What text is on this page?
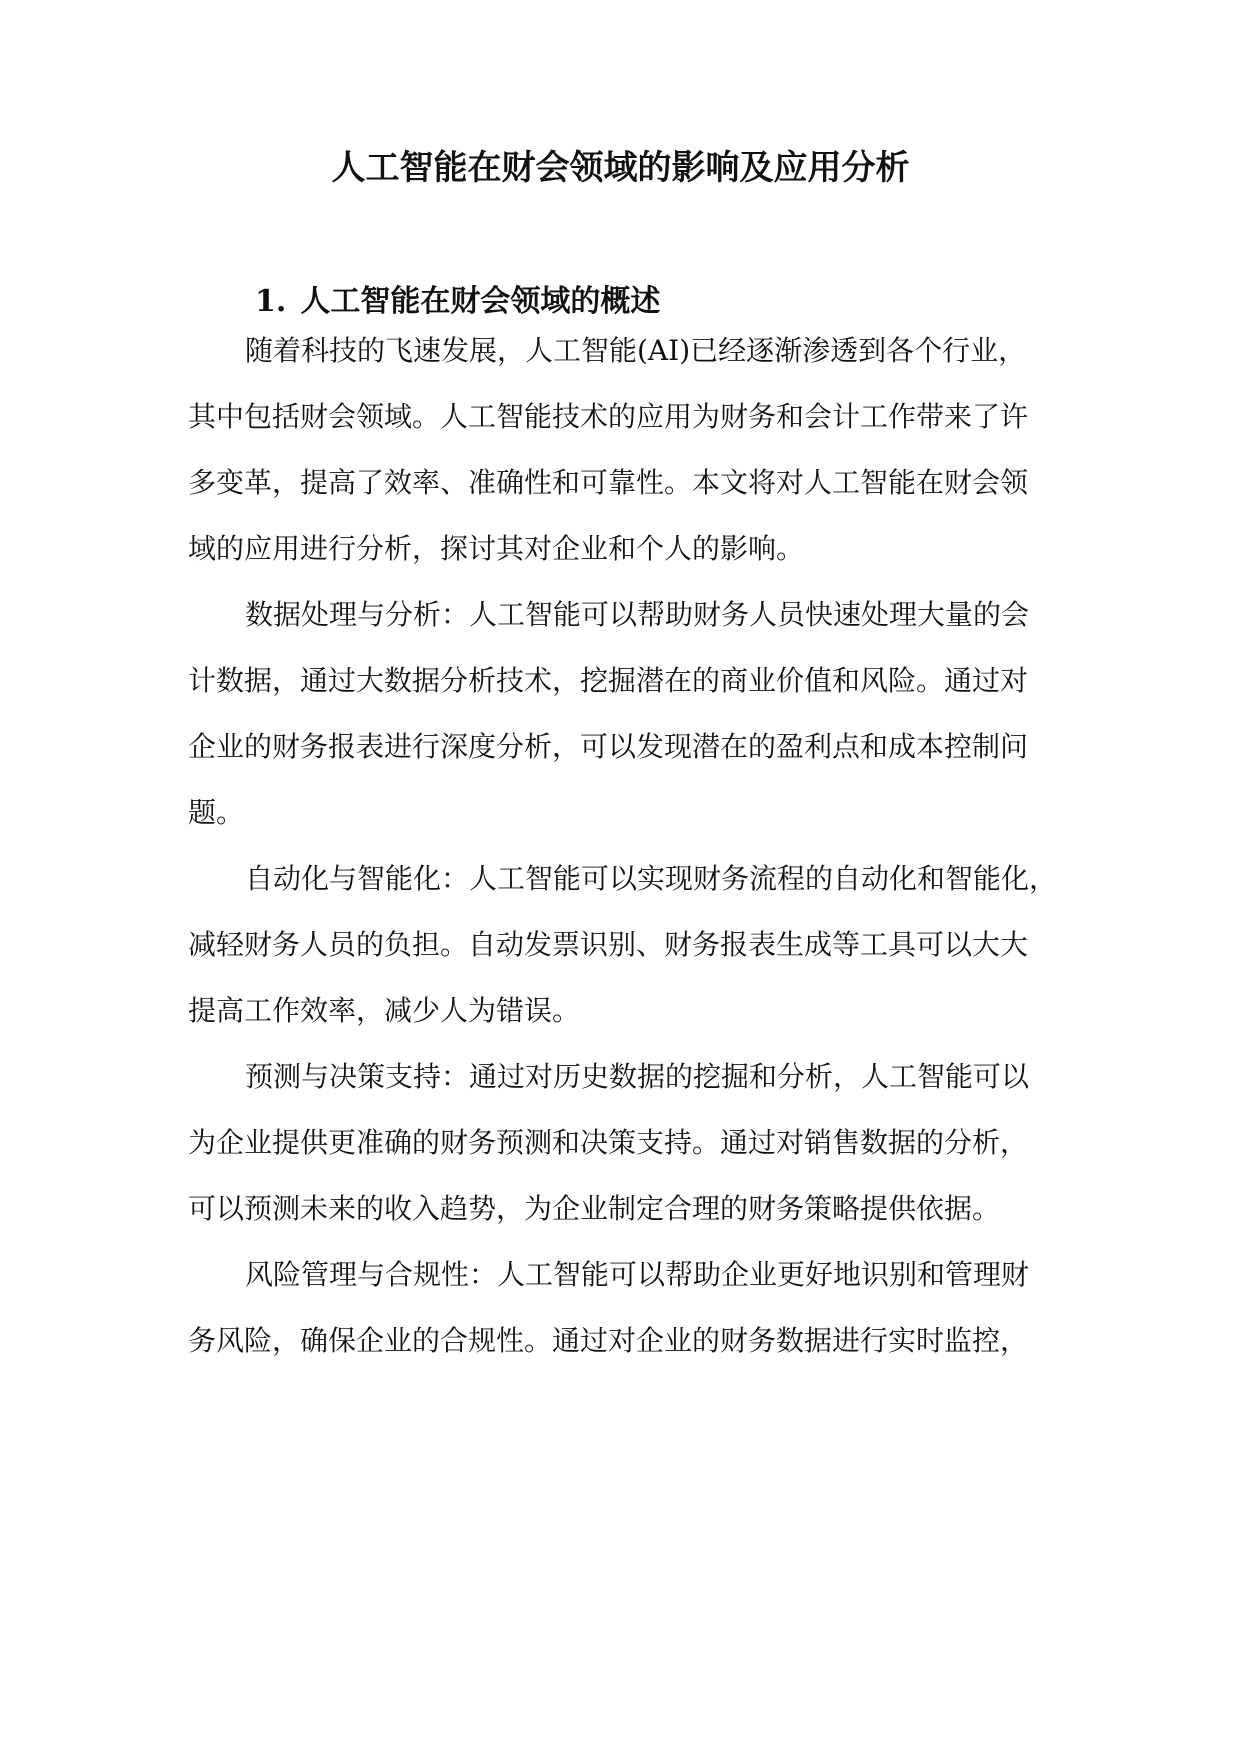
人工智能在财会领域的影响及应用分析
1. 人工智能在财会领域的概述

随着科技的飞速发展，人工智能(AI)已经逐渐渗透到各个行业，

其中包括财会领域。人工智能技术的应用为财务和会计工作带来了许

多变革，提高了效率、准确性和可靠性。本文将对人工智能在财会领

域的应用进行分析，探讨其对企业和个人的影响。

数据处理与分析：人工智能可以帮助财务人员快速处理大量的会

计数据，通过大数据分析技术，挖掘潜在的商业价值和风险。通过对

企业的财务报表进行深度分析，可以发现潜在的盈利点和成本控制问

题。

自动化与智能化：人工智能可以实现财务流程的自动化和智能化，

减轻财务人员的负担。自动发票识别、财务报表生成等工具可以大大

提高工作效率，减少人为错误。

预测与决策支持：通过对历史数据的挖掘和分析，人工智能可以

为企业提供更准确的财务预测和决策支持。通过对销售数据的分析，

可以预测未来的收入趋势，为企业制定合理的财务策略提供依据。

风险管理与合规性：人工智能可以帮助企业更好地识别和管理财

务风险，确保企业的合规性。通过对企业的财务数据进行实时监控，
